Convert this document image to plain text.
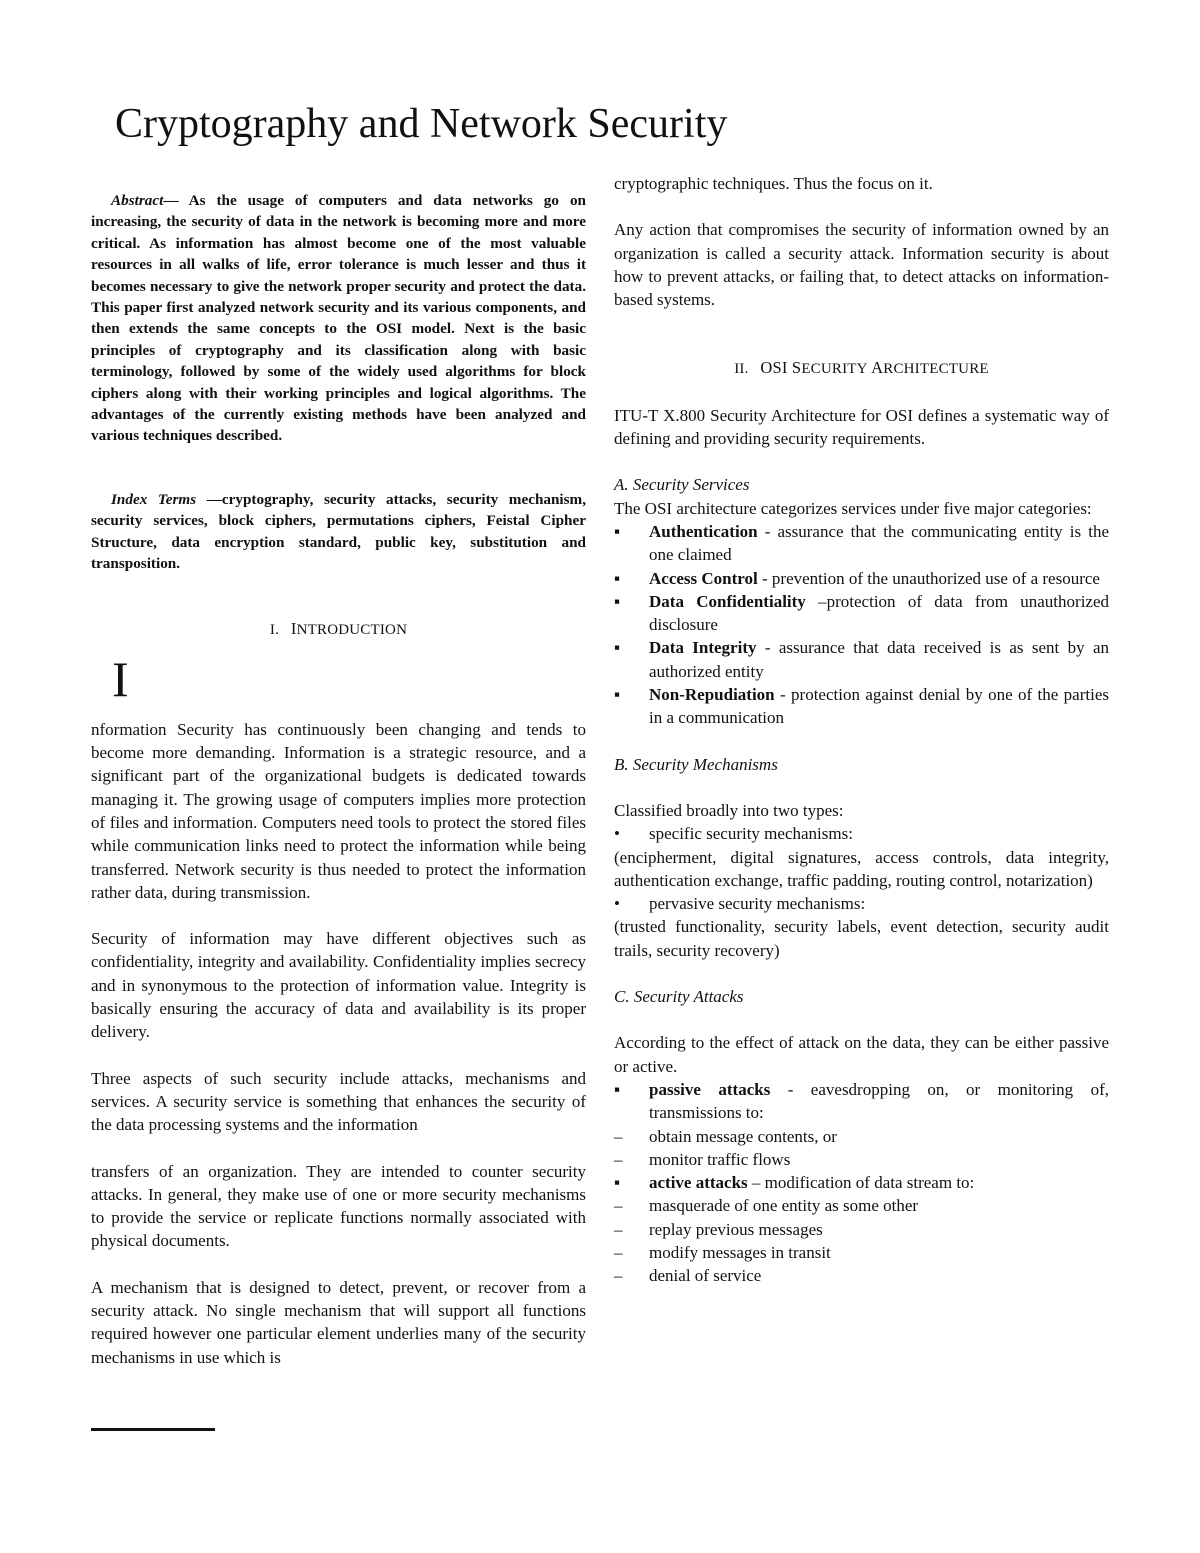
Cryptography and Network Security

Abstract— As the usage of computers and data networks go on increasing, the security of data in the network is becoming more and more critical. As information has almost become one of the most valuable resources in all walks of life, error tolerance is much lesser and thus it becomes necessary to give the network proper security and protect the data. This paper first analyzed network security and its various components, and then extends the same concepts to the OSI model. Next is the basic principles of cryptography and its classification along with basic terminology, followed by some of the widely used algorithms for block ciphers along with their working principles and logical algorithms. The advantages of the currently existing methods have been analyzed and various techniques described.

Index Terms —cryptography, security attacks, security mechanism, security services, block ciphers, permutations ciphers, Feistal Cipher Structure, data encryption standard, public key, substitution and transposition.

I. INTRODUCTION

I

nformation Security has continuously been changing and tends to become more demanding. Information is a strategic resource, and a significant part of the organizational budgets is dedicated towards managing it. The growing usage of computers implies more protection of files and information. Computers need tools to protect the stored files while communication links need to protect the information while being transferred. Network security is thus needed to protect the information rather data, during transmission.

Security of information may have different objectives such as confidentiality, integrity and availability. Confidentiality implies secrecy and in synonymous to the protection of information value. Integrity is basically ensuring the accuracy of data and availability is its proper delivery.

Three aspects of such security include attacks, mechanisms and services. A security service is something that enhances the security of the data processing systems and the information

transfers of an organization. They are intended to counter security attacks. In general, they make use of one or more security mechanisms to provide the service or replicate functions normally associated with physical documents.

A mechanism that is designed to detect, prevent, or recover from a security attack. No single mechanism that will support all functions required however one particular element underlies many of the security mechanisms in use which is

cryptographic techniques. Thus the focus on it.

Any action that compromises the security of information owned by an organization is called a security attack. Information security is about how to prevent attacks, or failing that, to detect attacks on information-based systems.

II. OSI SECURITY ARCHITECTURE

ITU-T X.800 Security Architecture for OSI defines a systematic way of defining and providing security requirements.

A. Security Services

The OSI architecture categorizes services under five major categories:

▪	Authentication - assurance that the communicating entity is the one claimed
▪	Access Control - prevention of the unauthorized use of a resource
▪	Data Confidentiality –protection of data from unauthorized disclosure
▪	Data Integrity - assurance that data received is as sent by an authorized entity
▪	Non-Repudiation - protection against denial by one of the parties in a communication

B. Security Mechanisms

Classified broadly into two types:

•	specific security mechanisms:

(encipherment, digital signatures, access controls, data integrity, authentication exchange, traffic padding, routing control, notarization)

•	pervasive security mechanisms:

(trusted functionality, security labels, event detection, security audit trails, security recovery)

C. Security Attacks

According to the effect of attack on the data, they can be either passive or active.

▪	passive attacks - eavesdropping on, or monitoring of, transmissions to:
–	obtain message contents, or
–	monitor traffic flows
▪	active attacks – modification of data stream to:
–	masquerade of one entity as some other
–	replay previous messages
–	modify messages in transit
–	denial of service
